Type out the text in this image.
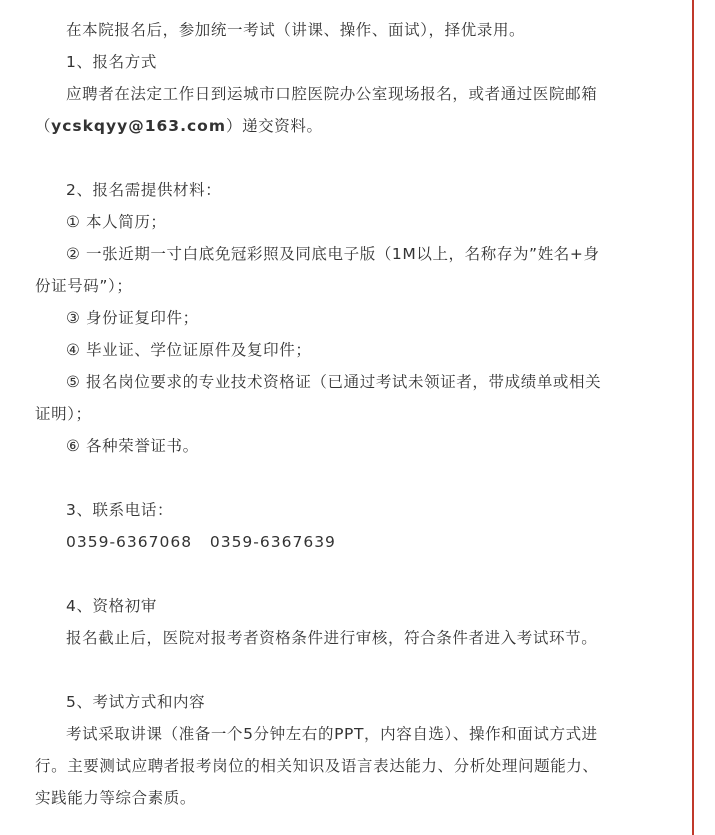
在本院报名后，参加统一考试（讲课、操作、面试），择优录用。
1、报名方式
应聘者在法定工作日到运城市口腔医院办公室现场报名，或者通过医院邮箱
（ycskqyy@163.com）递交资料。
2、报名需提供材料：
① 本人简历；
② 一张近期一寸白底免冠彩照及同底电子版（1M以上，名称存为”姓名+身
份证号码”）；
③ 身份证复印件；
④ 毕业证、学位证原件及复印件；
⑤ 报名岗位要求的专业技术资格证（已通过考试未领证者，带成绩单或相关
证明）；
⑥ 各种荣誉证书。
3、联系电话：
0359-6367068   0359-6367639
4、资格初审
报名截止后，医院对报考者资格条件进行审核，符合条件者进入考试环节。
5、考试方式和内容
考试采取讲课（准备一个5分钟左右的PPT，内容自选）、操作和面试方式进
行。主要测试应聘者报考岗位的相关知识及语言表达能力、分析处理问题能力、
实践能力等综合素质。
